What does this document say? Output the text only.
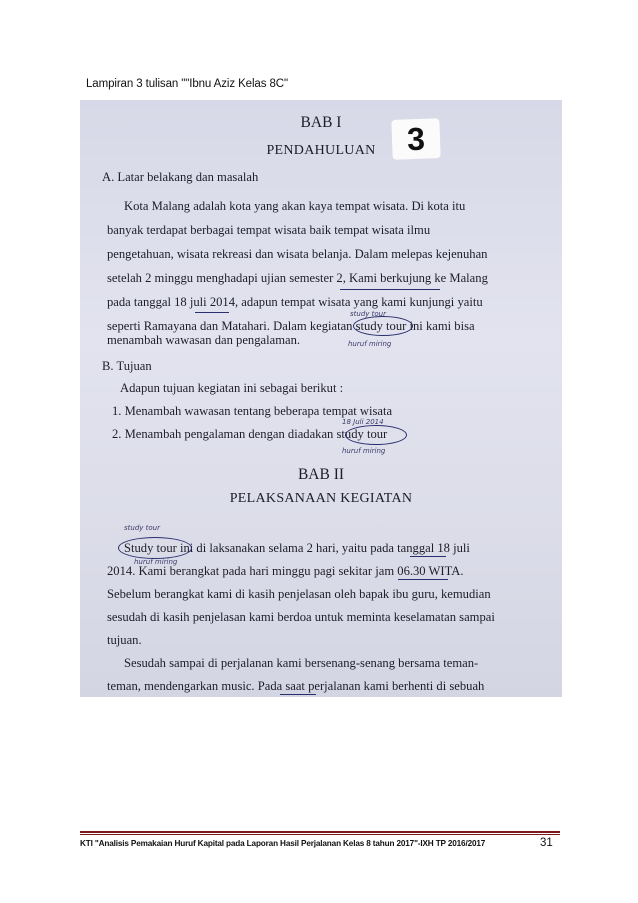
Lampiran 3 tulisan ""Ibnu Aziz Kelas 8C"
3
BAB I
PENDAHULUAN
A. Latar belakang dan masalah
Kota Malang adalah kota yang akan kaya tempat wisata. Di kota itu
banyak terdapat berbagai tempat wisata baik tempat wisata ilmu
pengetahuan, wisata rekreasi dan wisata belanja. Dalam melepas kejenuhan
setelah 2 minggu menghadapi ujian semester 2, Kami berkujung ke Malang
pada tanggal 18 juli 2014, adapun tempat wisata yang kami kunjungi yaitu
seperti Ramayana dan Matahari. Dalam kegiatan study tour ini kami bisa
menambah wawasan dan pengalaman.
B. Tujuan
Adapun tujuan kegiatan ini sebagai berikut :
1. Menambah wawasan tentang beberapa tempat wisata
2. Menambah pengalaman dengan diadakan study tour
BAB II
PELAKSANAAN KEGIATAN
Study tour ini di laksanakan selama 2 hari, yaitu pada tanggal 18 juli
2014. Kami berangkat pada hari minggu pagi sekitar jam 06.30 WITA.
Sebelum berangkat kami di kasih penjelasan oleh bapak ibu guru, kemudian
sesudah di kasih penjelasan kami berdoa untuk meminta keselamatan sampai
tujuan.
Sesudah sampai di perjalanan kami bersenang-senang bersama teman-
teman, mendengarkan music. Pada saat perjalanan kami berhenti di sebuah
study tour
huruf miring
18 Juli 2014
huruf miring
study tour
huruf miring
KTI "Analisis Pemakaian Huruf Kapital pada Laporan Hasil Perjalanan Kelas 8 tahun 2017"-IXH TP 2016/2017	31
